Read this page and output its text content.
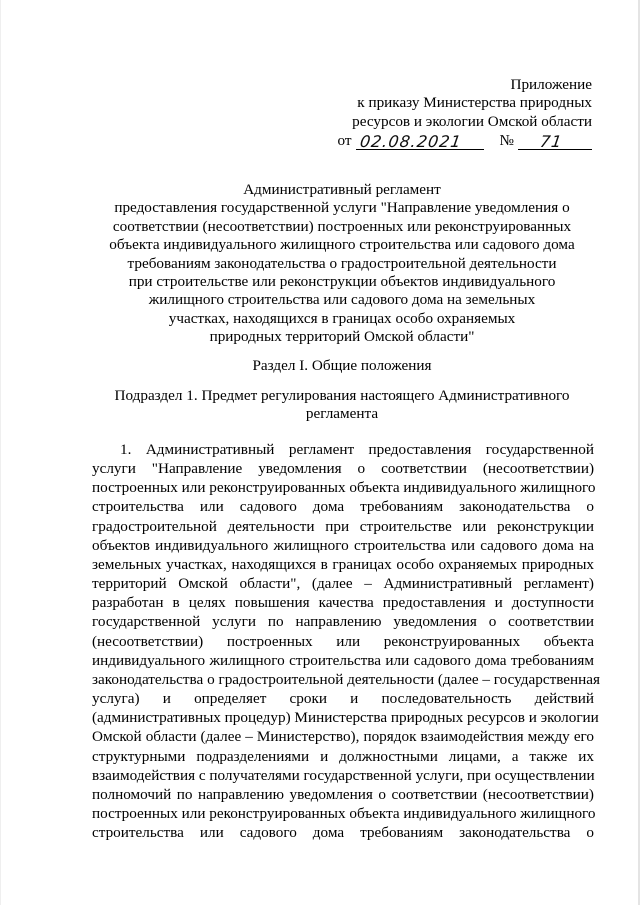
Приложение
к приказу Министерства природных
ресурсов и экологии Омской области
от 02.08.2021 № 71
Административный регламент
предоставления государственной услуги "Направление уведомления о
соответствии (несоответствии) построенных или реконструированных
объекта индивидуального жилищного строительства или садового дома
требованиям законодательства о градостроительной деятельности
при строительстве или реконструкции объектов индивидуального
жилищного строительства или садового дома на земельных
участках, находящихся в границах особо охраняемых
природных территорий Омской области"
Раздел I. Общие положения
Подраздел 1. Предмет регулирования настоящего Административного
регламента
1. Административный регламент предоставления государственной
услуги "Направление уведомления о соответствии (несоответствии)
построенных или реконструированных объекта индивидуального жилищного
строительства или садового дома требованиям законодательства о
градостроительной деятельности при строительстве или реконструкции
объектов индивидуального жилищного строительства или садового дома на
земельных участках, находящихся в границах особо охраняемых природных
территорий Омской области", (далее – Административный регламент)
разработан в целях повышения качества предоставления и доступности
государственной услуги по направлению уведомления о соответствии
(несоответствии) построенных или реконструированных объекта
индивидуального жилищного строительства или садового дома требованиям
законодательства о градостроительной деятельности (далее – государственная
услуга) и определяет сроки и последовательность действий
(административных процедур) Министерства природных ресурсов и экологии
Омской области (далее – Министерство), порядок взаимодействия между его
структурными подразделениями и должностными лицами, а также их
взаимодействия с получателями государственной услуги, при осуществлении
полномочий по направлению уведомления о соответствии (несоответствии)
построенных или реконструированных объекта индивидуального жилищного
строительства или садового дома требованиям законодательства о
